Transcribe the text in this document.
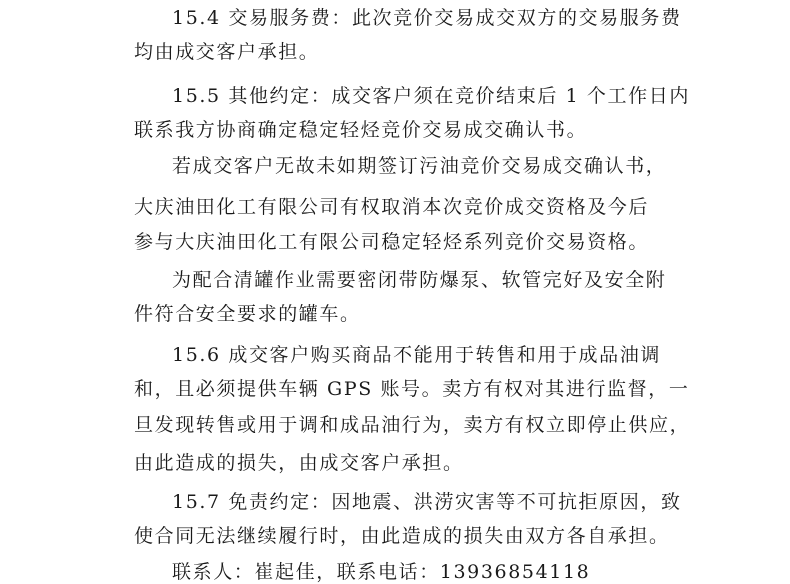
15.4 交易服务费：此次竞价交易成交双方的交易服务费
均由成交客户承担。
15.5 其他约定：成交客户须在竞价结束后 1 个工作日内
联系我方协商确定稳定轻烃竞价交易成交确认书。
若成交客户无故未如期签订污油竞价交易成交确认书，
大庆油田化工有限公司有权取消本次竞价成交资格及今后
参与大庆油田化工有限公司稳定轻烃系列竞价交易资格。
为配合清罐作业需要密闭带防爆泵、软管完好及安全附
件符合安全要求的罐车。
15.6 成交客户购买商品不能用于转售和用于成品油调
和，且必须提供车辆 GPS 账号。卖方有权对其进行监督，一
旦发现转售或用于调和成品油行为，卖方有权立即停止供应，
由此造成的损失，由成交客户承担。
15.7 免责约定：因地震、洪涝灾害等不可抗拒原因，致
使合同无法继续履行时，由此造成的损失由双方各自承担。
联系人：崔起佳，联系电话：13936854118
